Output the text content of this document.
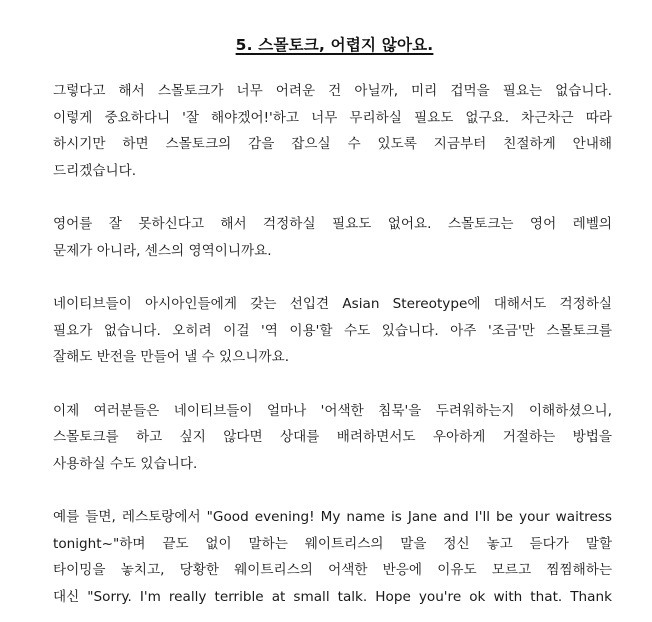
5. 스몰토크, 어렵지 않아요.
그렇다고 해서 스몰토크가 너무 어려운 건 아닐까, 미리 겁먹을 필요는 없습니다.
이렇게 중요하다니 '잘 해야겠어!'하고 너무 무리하실 필요도 없구요. 차근차근 따라
하시기만 하면 스몰토크의 감을 잡으실 수 있도록 지금부터 친절하게 안내해
드리겠습니다.
영어를 잘 못하신다고 해서 걱정하실 필요도 없어요. 스몰토크는 영어 레벨의
문제가 아니라, 센스의 영역이니까요.
네이티브들이 아시아인들에게 갖는 선입견 Asian Stereotype에 대해서도 걱정하실
필요가 없습니다. 오히려 이걸 '역 이용'할 수도 있습니다. 아주 '조금'만 스몰토크를
잘해도 반전을 만들어 낼 수 있으니까요.
이제 여러분들은 네이티브들이 얼마나 '어색한 침묵'을 두려워하는지 이해하셨으니,
스몰토크를 하고 싶지 않다면 상대를 배려하면서도 우아하게 거절하는 방법을
사용하실 수도 있습니다.
예를 들면, 레스토랑에서 "Good evening! My name is Jane and I'll be your waitress
tonight~"하며 끝도 없이 말하는 웨이트리스의 말을 정신 놓고 듣다가 말할
타이밍을 놓치고, 당황한 웨이트리스의 어색한 반응에 이유도 모르고 찜찜해하는
대신 "Sorry. I'm really terrible at small talk. Hope you're ok with that. Thank
